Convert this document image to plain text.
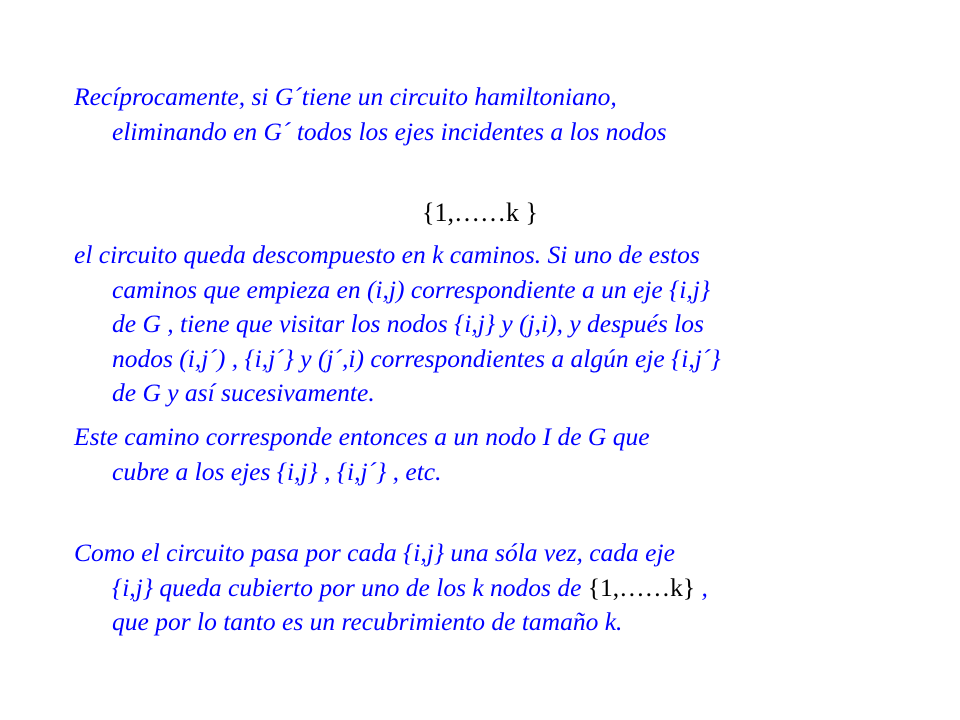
Recíprocamente, si G´tiene un circuito hamiltoniano,
eliminando en G´ todos los ejes incidentes a los nodos

{1,……k }

el circuito queda descompuesto en k caminos. Si uno de estos
caminos que empieza en (i,j) correspondiente a un eje {i,j}
de G , tiene que visitar los nodos {i,j} y (j,i), y después los
nodos (i,j´) , {i,j´} y (j´,i) correspondientes a algún eje {i,j´}
de G y así sucesivamente.

Este camino corresponde entonces a un nodo I de G que
cubre a los ejes {i,j} , {i,j´} , etc.

Como el circuito pasa por cada {i,j} una sóla vez, cada eje
{i,j} queda cubierto por uno de los k nodos de {1,……k} ,
que por lo tanto es un recubrimiento de tamaño k.
